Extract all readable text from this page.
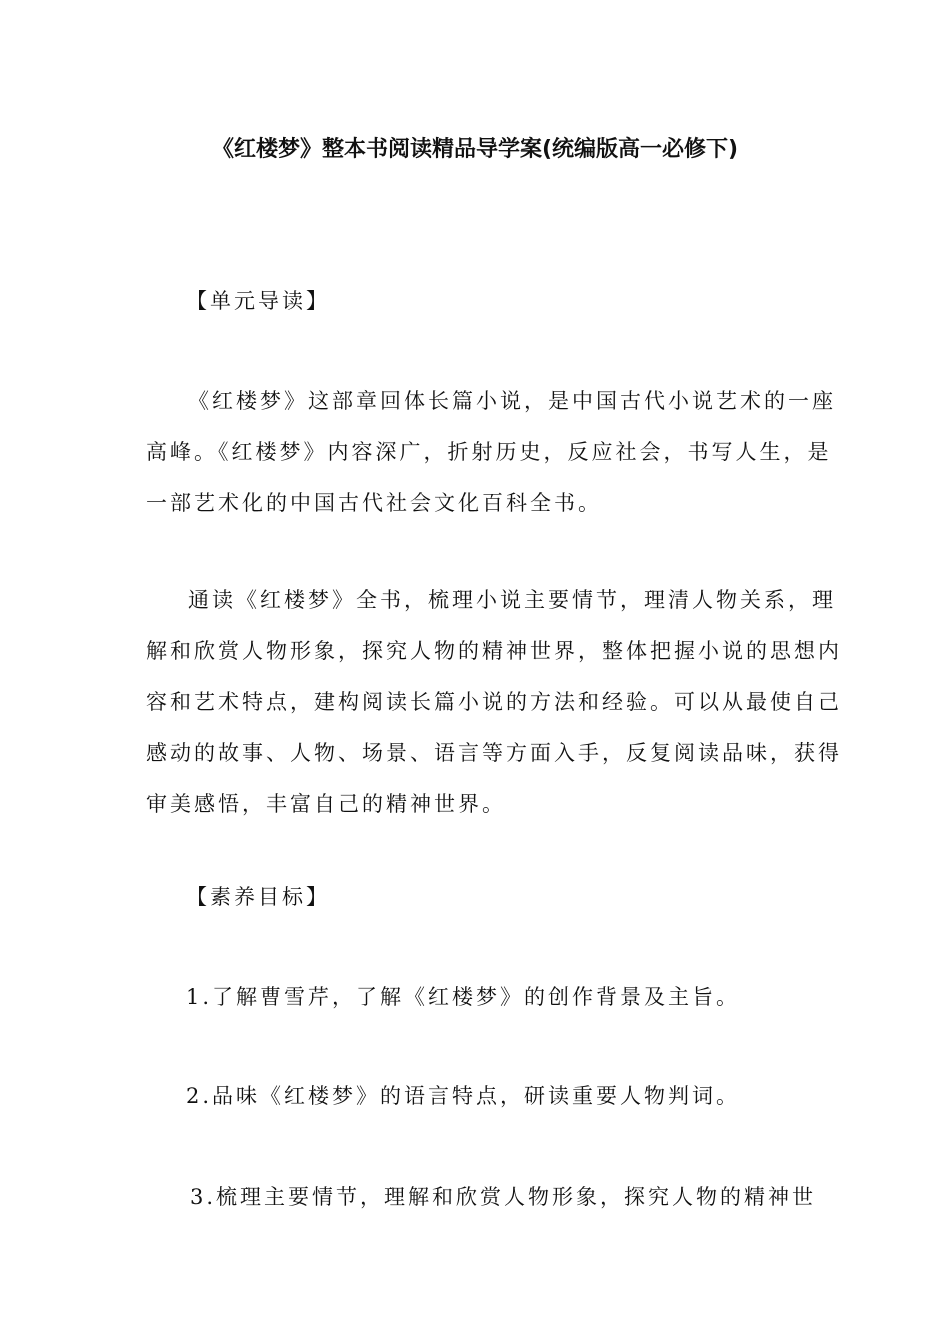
《红楼梦》整本书阅读精品导学案(统编版高一必修下)
【单元导读】
《红楼梦》这部章回体长篇小说，是中国古代小说艺术的一座
高峰。《红楼梦》内容深广，折射历史，反应社会，书写人生，是
一部艺术化的中国古代社会文化百科全书。
通读《红楼梦》全书，梳理小说主要情节，理清人物关系，理
解和欣赏人物形象，探究人物的精神世界，整体把握小说的思想内
容和艺术特点，建构阅读长篇小说的方法和经验。可以从最使自己
感动的故事、人物、场景、语言等方面入手，反复阅读品味，获得
审美感悟，丰富自己的精神世界。
【素养目标】
1.了解曹雪芹，了解《红楼梦》的创作背景及主旨。
2.品味《红楼梦》的语言特点，研读重要人物判词。
3.梳理主要情节，理解和欣赏人物形象，探究人物的精神世
